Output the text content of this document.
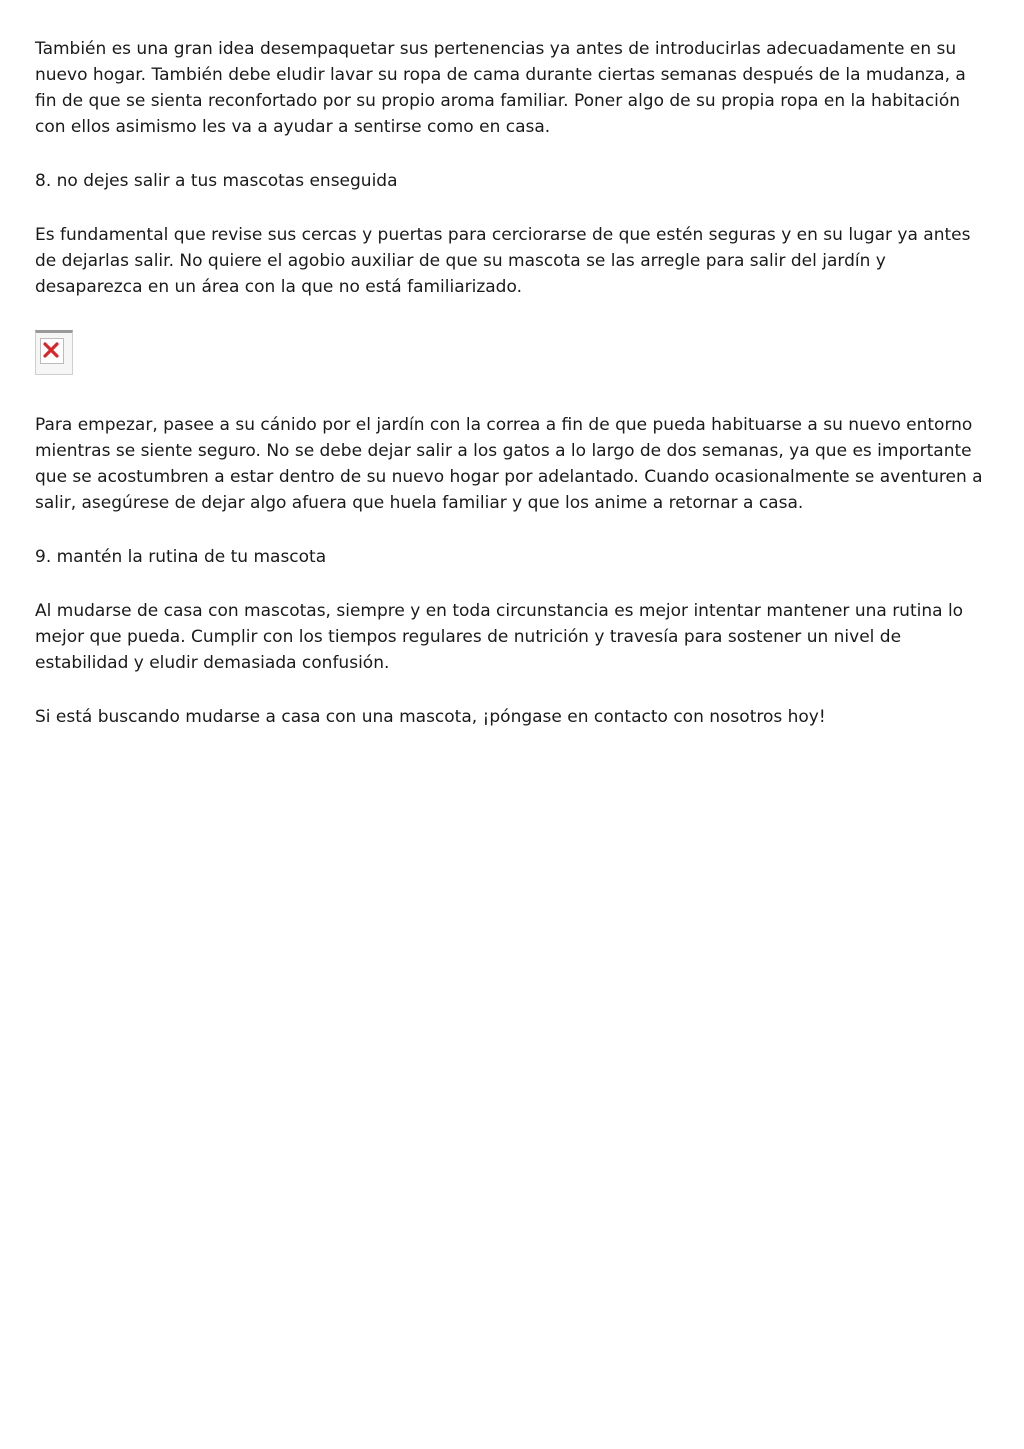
También es una gran idea desempaquetar sus pertenencias ya antes de introducirlas adecuadamente en su nuevo hogar. También debe eludir lavar su ropa de cama durante ciertas semanas después de la mudanza, a fin de que se sienta reconfortado por su propio aroma familiar. Poner algo de su propia ropa en la habitación con ellos asimismo les va a ayudar a sentirse como en casa.

8. no dejes salir a tus mascotas enseguida

Es fundamental que revise sus cercas y puertas para cerciorarse de que estén seguras y en su lugar ya antes de dejarlas salir. No quiere el agobio auxiliar de que su mascota se las arregle para salir del jardín y desaparezca en un área con la que no está familiarizado.

Para empezar, pasee a su cánido por el jardín con la correa a fin de que pueda habituarse a su nuevo entorno mientras se siente seguro. No se debe dejar salir a los gatos a lo largo de dos semanas, ya que es importante que se acostumbren a estar dentro de su nuevo hogar por adelantado. Cuando ocasionalmente se aventuren a salir, asegúrese de dejar algo afuera que huela familiar y que los anime a retornar a casa.

9. mantén la rutina de tu mascota

Al mudarse de casa con mascotas, siempre y en toda circunstancia es mejor intentar mantener una rutina lo mejor que pueda. Cumplir con los tiempos regulares de nutrición y travesía para sostener un nivel de estabilidad y eludir demasiada confusión.

Si está buscando mudarse a casa con una mascota, ¡póngase en contacto con nosotros hoy!
